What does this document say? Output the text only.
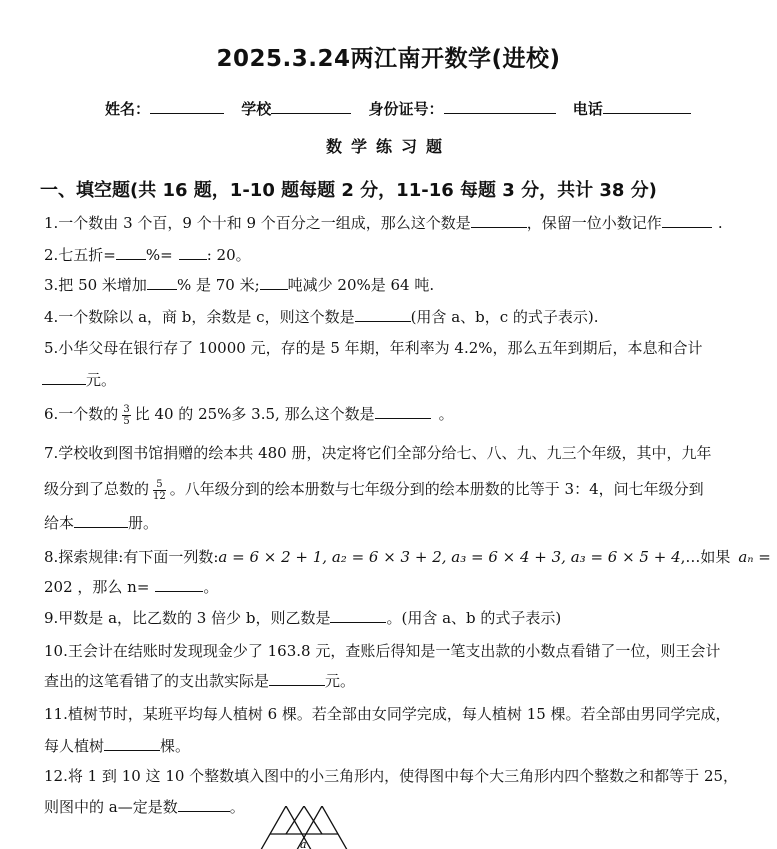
2025.3.24两江南开数学(进校)
姓名：	学校	身份证号：	电话
数学练习题
一、填空题(共 16 题，1-10 题每题 2 分，11-16 每题 3 分，共计 38 分)
1.一个数由 3 个百，9 个十和 9 个百分之一组成，那么这个数是	，保留一位小数记作	.
2.七五折= %= : 20。
3.把 50 米增加 % 是 70 米; 吨减少 20%是 64 吨.
4.一个数除以 a，商 b，余数是 c，则这个数是	(用含 a、b，c 的式子表示).
5.小华父母在银行存了 10000 元，存的是 5 年期，年利率为 4.2%，那么五年到期后，本息和合计
元。
6.一个数的 $\frac{3}{5}$ 比 40 的 25%多 3.5, 那么这个数是	。
7.学校收到图书馆捐赠的绘本共 480 册，决定将它们全部分给七、八、九、九三个年级，其中，九年
级分到了总数的 $\frac{5}{12}$ 。八年级分到的绘本册数与七年级分到的绘本册数的比等于 3：4，问七年级分到
给本	册。
8.探索规律:有下面一列数:a = 6 × 2 + 1, a₂ = 6 × 3 + 2, a₃ = 6 × 4 + 3, a₃ = 6 × 5 + 4,…如果 aₙ =
202 ，那么 n=	。
9.甲数是 a，比乙数的 3 倍少 b，则乙数是	。(用含 a、b 的式子表示)
10.王会计在结账时发现现金少了 163.8 元，查账后得知是一笔支出款的小数点看错了一位，则王会计
查出的这笔看错了的支出款实际是	元。
11.植树节时，某班平均每人植树 6 棵。若全部由女同学完成，每人植树 15 棵。若全部由男同学完成，
每人植树	棵。
12.将 1 到 10 这 10 个整数填入图中的小三角形内，使得图中每个大三角形内四个整数之和都等于 25，
则图中的 a—定是数	。
a
